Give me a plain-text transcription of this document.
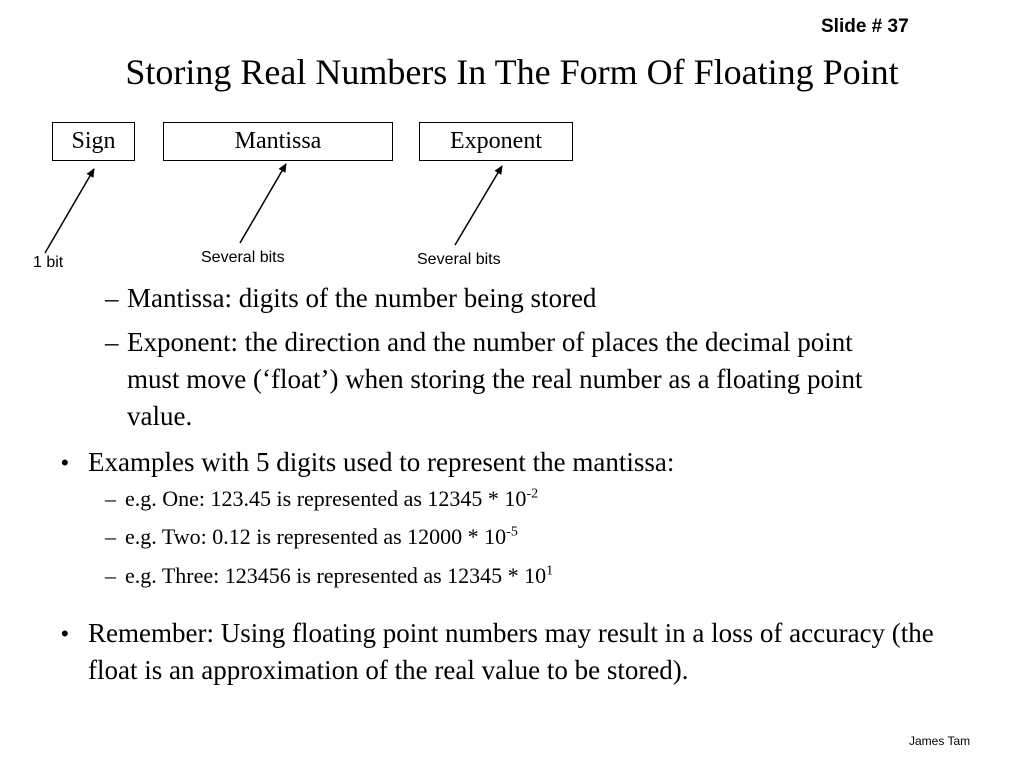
Slide # 37
Storing Real Numbers In The Form Of Floating Point
Sign	Mantissa	Exponent
1 bit	Several bits	Several bits
– Mantissa: digits of the number being stored
– Exponent: the direction and the number of places the decimal point must move (‘float’) when storing the real number as a floating point value.
• Examples with 5 digits used to represent the mantissa:
– e.g. One: 123.45 is represented as $12345 * 10^{-2}$
– e.g. Two: 0.12 is represented as $12000 * 10^{-5}$
– e.g. Three: 123456 is represented as $12345 * 10^1$
• Remember: Using floating point numbers may result in a loss of accuracy (the float is an approximation of the real value to be stored).
James Tam
